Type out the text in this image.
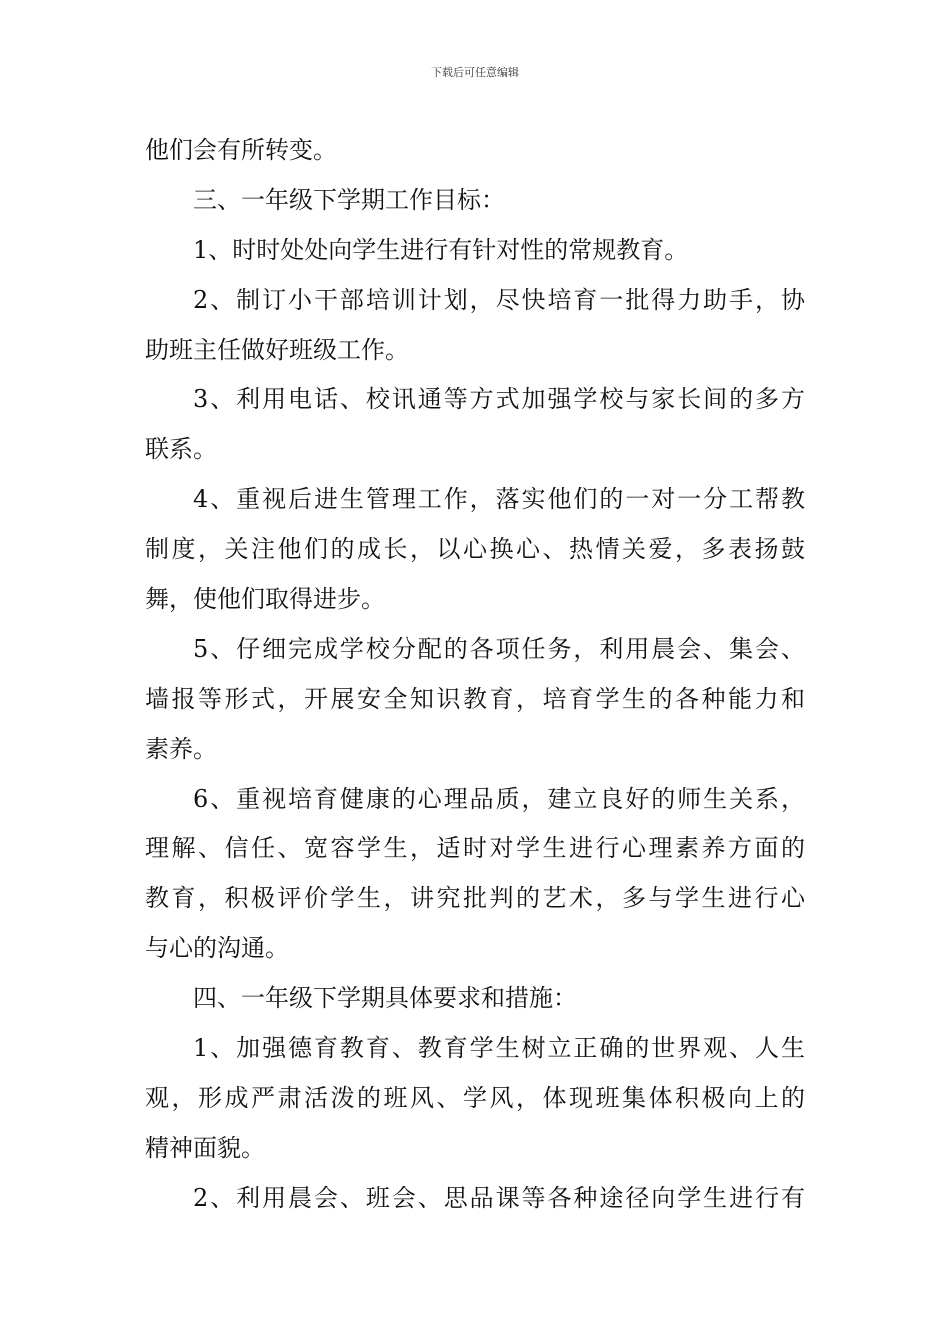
下载后可任意编辑
他们会有所转变。
三、一年级下学期工作目标：
1、时时处处向学生进行有针对性的常规教育。
2、制订小干部培训计划，尽快培育一批得力助手，协
助班主任做好班级工作。
3、利用电话、校讯通等方式加强学校与家长间的多方
联系。
4、重视后进生管理工作，落实他们的一对一分工帮教
制度，关注他们的成长，以心换心、热情关爱，多表扬鼓
舞，使他们取得进步。
5、仔细完成学校分配的各项任务，利用晨会、集会、
墙报等形式，开展安全知识教育，培育学生的各种能力和
素养。
6、重视培育健康的心理品质，建立良好的师生关系，
理解、信任、宽容学生，适时对学生进行心理素养方面的
教育，积极评价学生，讲究批判的艺术，多与学生进行心
与心的沟通。
四、一年级下学期具体要求和措施：
1、加强德育教育、教育学生树立正确的世界观、人生
观，形成严肃活泼的班风、学风，体现班集体积极向上的
精神面貌。
2、利用晨会、班会、思品课等各种途径向学生进行有
